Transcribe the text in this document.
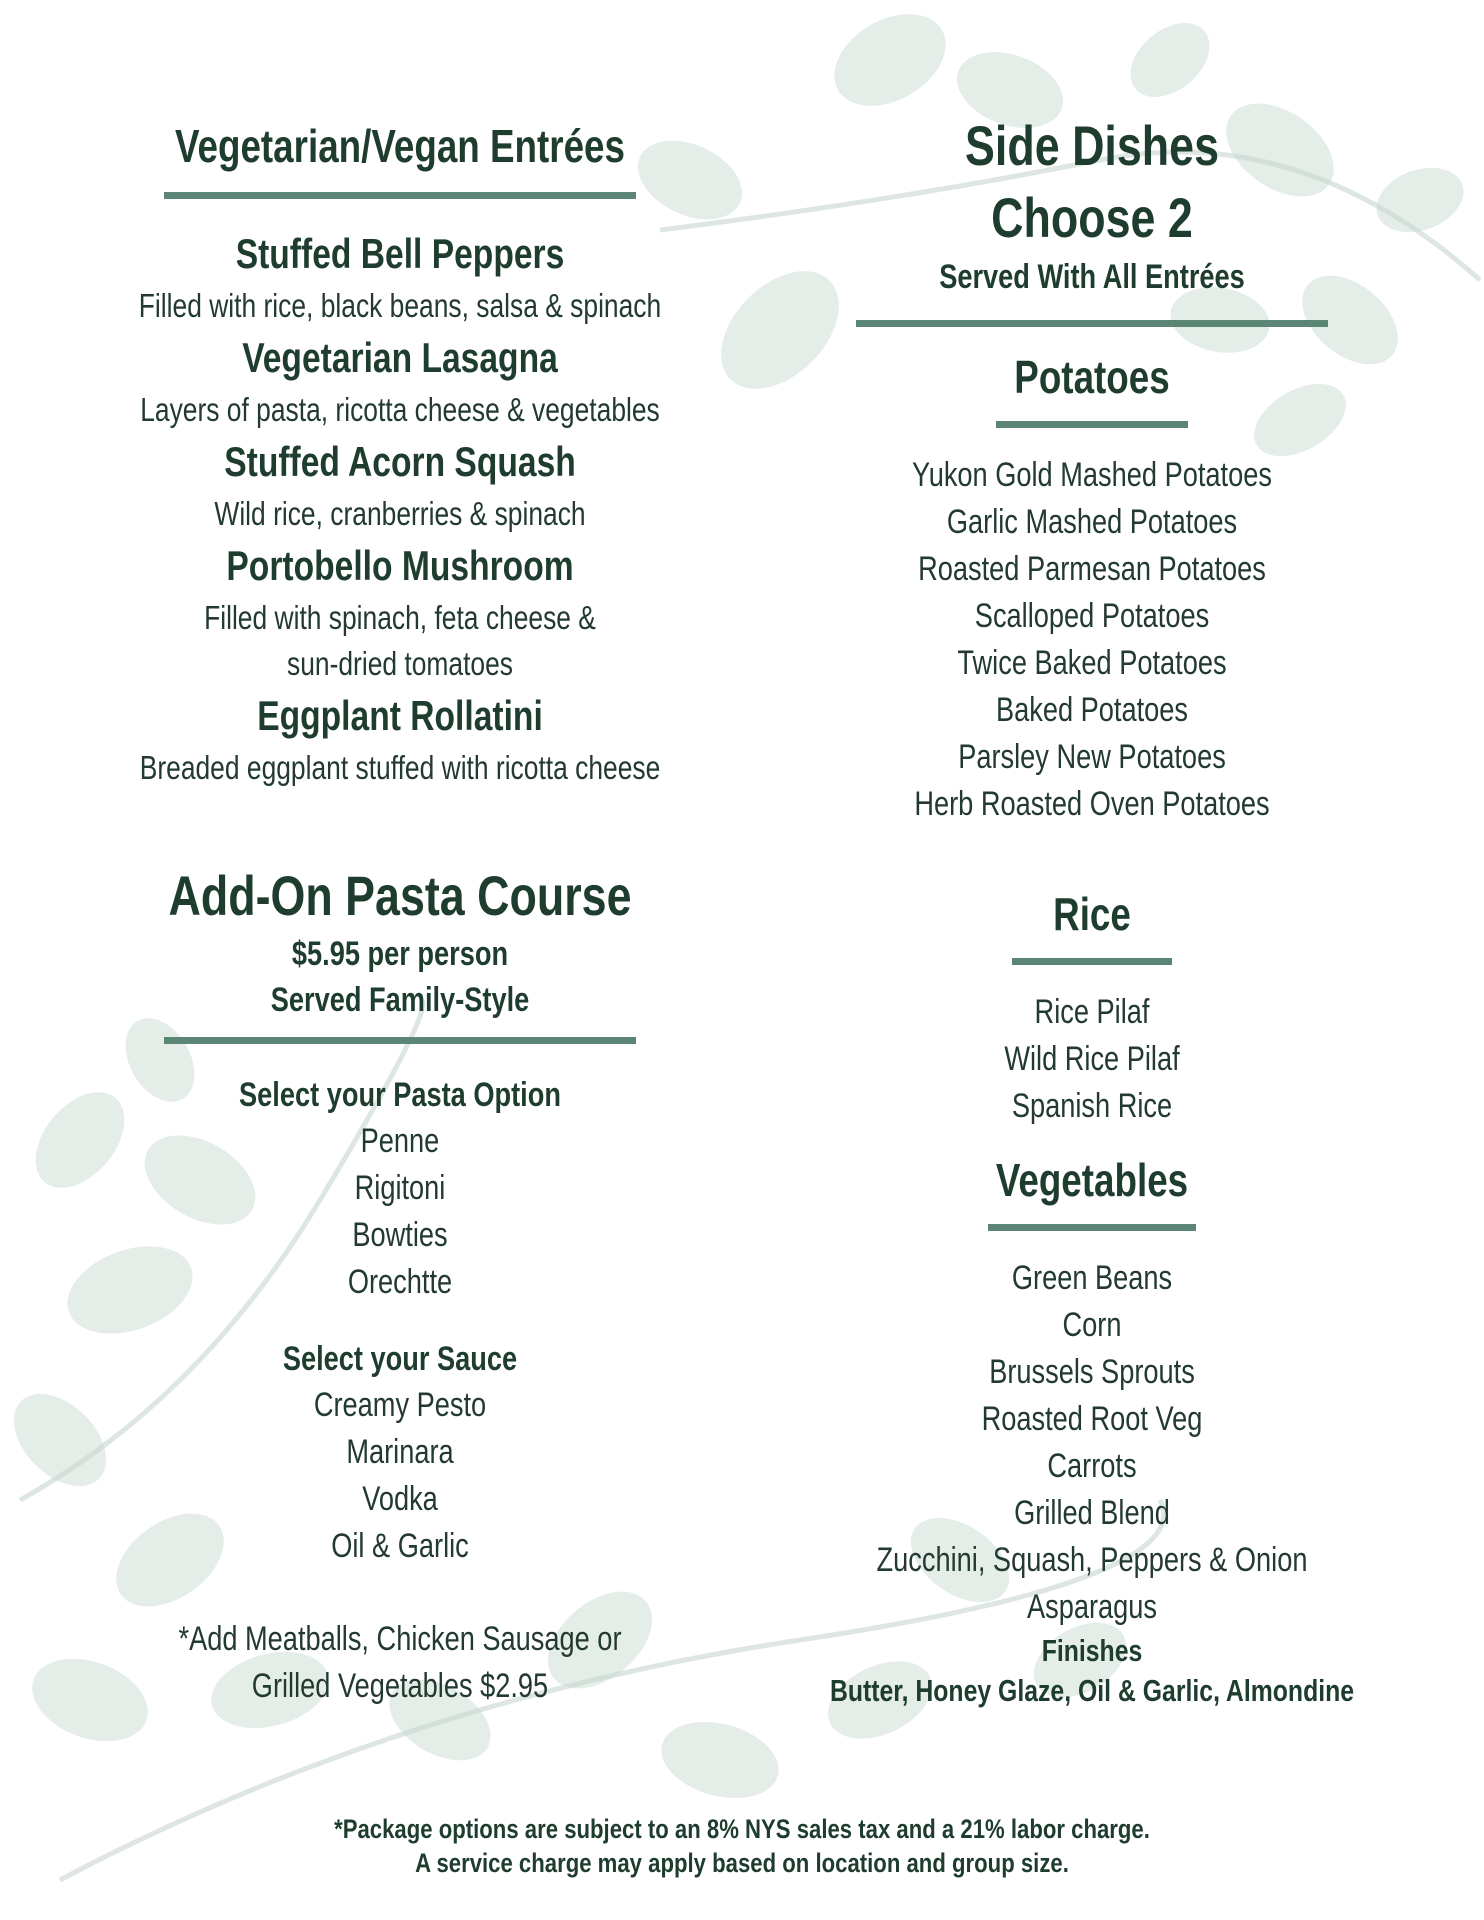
Vegetarian/Vegan Entrées

Stuffed Bell Peppers

Filled with rice, black beans, salsa & spinach

Vegetarian Lasagna

Layers of pasta, ricotta cheese & vegetables

Stuffed Acorn Squash

Wild rice, cranberries & spinach

Portobello Mushroom

Filled with spinach, feta cheese & sun-dried tomatoes

Eggplant Rollatini

Breaded eggplant stuffed with ricotta cheese

Add-On Pasta Course

$5.95 per person

Served Family-Style

Select your Pasta Option

Penne

Rigitoni

Bowties

Orechtte

Select your Sauce

Creamy Pesto

Marinara

Vodka

Oil & Garlic

*Add Meatballs, Chicken Sausage or

Grilled Vegetables $2.95

Side Dishes
Choose 2

Served With All Entrées

Potatoes

Yukon Gold Mashed Potatoes

Garlic Mashed Potatoes

Roasted Parmesan Potatoes

Scalloped Potatoes

Twice Baked Potatoes

Baked Potatoes

Parsley New Potatoes

Herb Roasted Oven Potatoes

Rice

Rice Pilaf

Wild Rice Pilaf

Spanish Rice

Vegetables

Green Beans

Corn

Brussels Sprouts

Roasted Root Veg

Carrots

Grilled Blend

Zucchini, Squash, Peppers & Onion

Asparagus

Finishes

Butter, Honey Glaze, Oil & Garlic, Almondine

*Package options are subject to an 8% NYS sales tax and a 21% labor charge.

A service charge may apply based on location and group size.
